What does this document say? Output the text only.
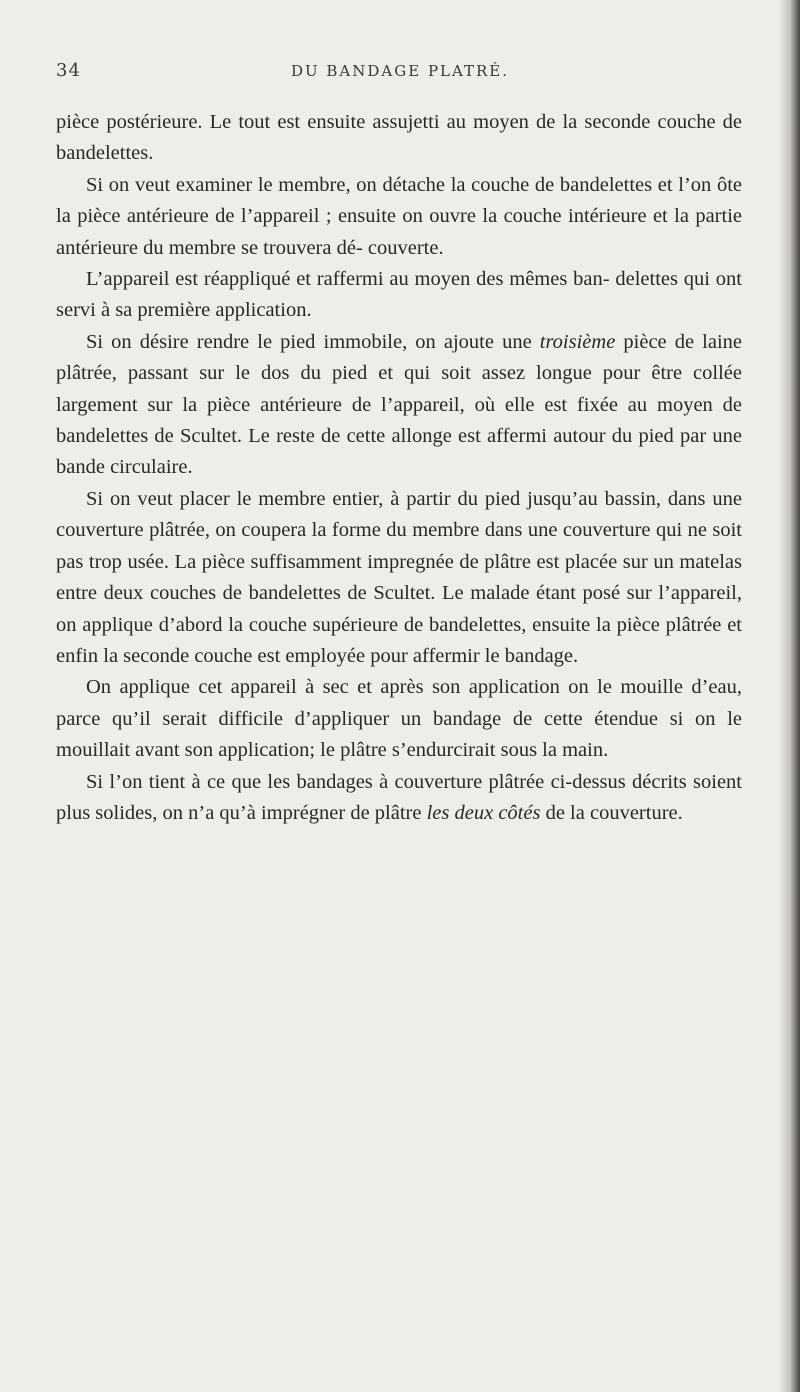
34	DU BANDAGE PLATRÉ.

pièce postérieure. Le tout est ensuite assujetti au moyen de la seconde couche de bandelettes.

Si on veut examiner le membre, on détache la couche de bandelettes et l’on ôte la pièce antérieure de l’appareil ; ensuite on ouvre la couche intérieure et la partie antérieure du membre se trouvera dé- couverte.

L’appareil est réappliqué et raffermi au moyen des mêmes ban- delettes qui ont servi à sa première application.

Si on désire rendre le pied immobile, on ajoute une troisième pièce de laine plâtrée, passant sur le dos du pied et qui soit assez longue pour être collée largement sur la pièce antérieure de l’appareil, où elle est fixée au moyen de bandelettes de Scultet. Le reste de cette allonge est affermi autour du pied par une bande circulaire.

Si on veut placer le membre entier, à partir du pied jusqu’au bassin, dans une couverture plâtrée, on coupera la forme du membre dans une couverture qui ne soit pas trop usée. La pièce suffisamment impregnée de plâtre est placée sur un matelas entre deux couches de bandelettes de Scultet. Le malade étant posé sur l’appareil, on applique d’abord la couche supérieure de bandelettes, ensuite la pièce plâtrée et enfin la seconde couche est employée pour affermir le bandage.

On applique cet appareil à sec et après son application on le mouille d’eau, parce qu’il serait difficile d’appliquer un bandage de cette étendue si on le mouillait avant son application; le plâtre s’endurcirait sous la main.

Si l’on tient à ce que les bandages à couverture plâtrée ci-dessus décrits soient plus solides, on n’a qu’à imprégner de plâtre les deux côtés de la couverture.
